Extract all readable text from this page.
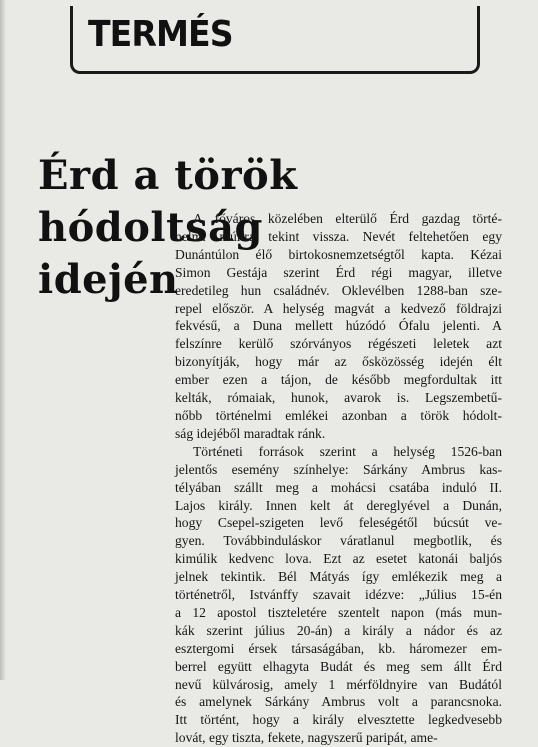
TERMÉS
Érd a török hódoltság
idején

A főváros közelében elterülő Érd gazdag törté-
nelmi múltra tekint vissza. Nevét feltehetően egy
Dunántúlon élő birtokosnemzetségtől kapta. Kézai
Simon Gestája szerint Érd régi magyar, illetve
eredetileg hun családnév. Oklevélben 1288-ban sze-
repel először. A helység magvát a kedvező földrajzi
fekvésű, a Duna mellett húzódó Ófalu jelenti. A
felszínre kerülő szórványos régészeti leletek azt
bizonyítják, hogy már az ősközösség idején élt
ember ezen a tájon, de később megfordultak itt
kelták, rómaiak, hunok, avarok is. Legszembetű-
nőbb történelmi emlékei azonban a török hódolt-
ság idejéből maradtak ránk.

Történeti források szerint a helység 1526-ban
jelentős esemény színhelye: Sárkány Ambrus kas-
télyában szállt meg a mohácsi csatába induló II.
Lajos király. Innen kelt át dereglyével a Dunán,
hogy Csepel-szigeten levő feleségétől búcsút ve-
gyen. Továbbinduláskor váratlanul megbotlik, és
kimúlik kedvenc lova. Ezt az esetet katonái baljós
jelnek tekintik. Bél Mátyás így emlékezik meg a
történetről, Istvánffy szavait idézve: „Július 15-én
a 12 apostol tiszteletére szentelt napon (más mun-
kák szerint július 20-án) a király a nádor és az
esztergomi érsek társaságában, kb. háromezer em-
berrel együtt elhagyta Budát és meg sem állt Érd
nevű külvárosig, amely 1 mérföldnyire van Budától
és amelynek Sárkány Ambrus volt a parancsnoka.
Itt történt, hogy a király elvesztette legkedvesebb
lovát, egy tiszta, fekete, nagyszerű paripát, ame-
